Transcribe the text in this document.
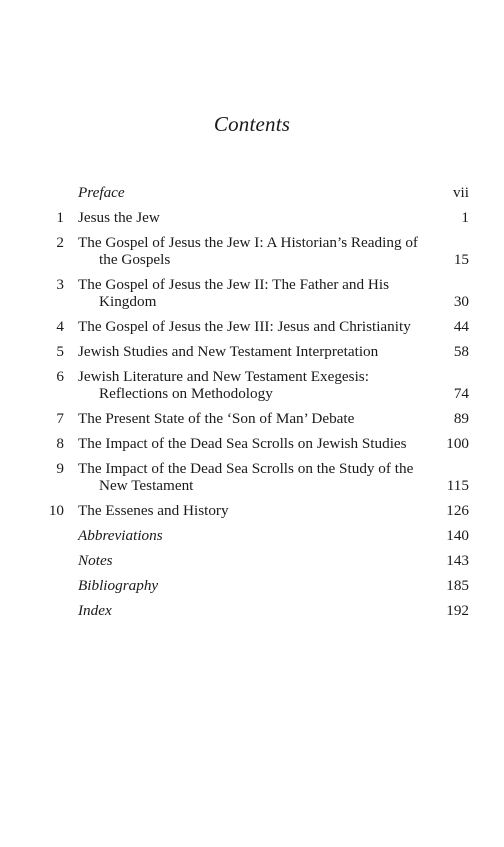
Contents
Preface	vii
1 Jesus the Jew	1
2 The Gospel of Jesus the Jew I: A Historian’s Reading of
the Gospels	15
3 The Gospel of Jesus the Jew II: The Father and His
Kingdom	30
4 The Gospel of Jesus the Jew III: Jesus and Christianity	44
5 Jewish Studies and New Testament Interpretation	58
6 Jewish Literature and New Testament Exegesis:
Reflections on Methodology	74
7 The Present State of the ‘Son of Man’ Debate	89
8 The Impact of the Dead Sea Scrolls on Jewish Studies	100
9 The Impact of the Dead Sea Scrolls on the Study of the
New Testament	115
10 The Essenes and History	126
Abbreviations	140
Notes	143
Bibliography	185
Index	192
